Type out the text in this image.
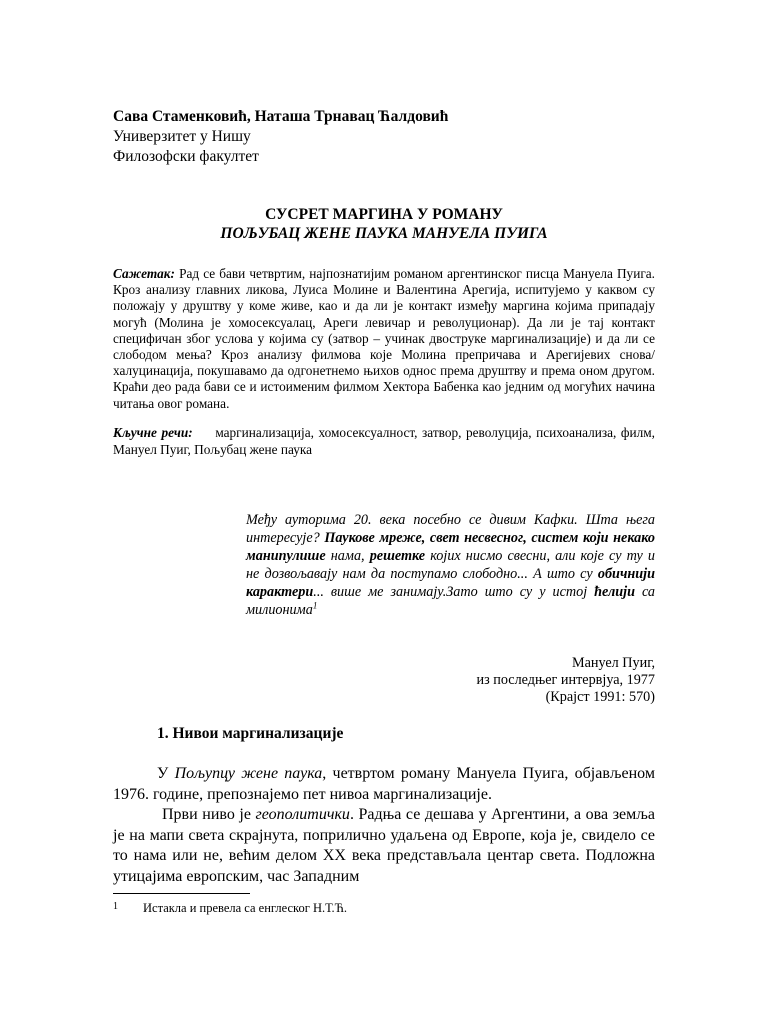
Сава Стаменковић, Наташа Трнавац Ћалдовић
Универзитет у Нишу
Филозофски факултет
СУСРЕТ МАРГИНА У РОМАНУ
ПОЉУБАЦ ЖЕНЕ ПАУКА МАНУЕЛА ПУИГА
Сажетак: Рад се бави четвртим, најпознатијим романом аргентинског писца Мануела Пуига. Кроз анализу главних ликова, Луиса Молине и Валентина Арегија, испитујемо у каквом су положају у друштву у коме живе, као и да ли је контакт између маргина којима припадају могућ (Молина је хомосексуалац, Ареги левичар и револуционар). Да ли је тај контакт специфичан због услова у којима су (затвор – учинак двоструке маргинализације) и да ли се слободом мења? Кроз анализу филмова које Молина препричава и Арегијевих снова/халуцинација, покушавамо да одгонетнемо њихов однос према друштву и према оном другом. Краћи део рада бави се и истоименим филмом Хектора Бабенка као једним од могућих начина читања овог романа.
Кључне речи: маргинализација, хомосексуалност, затвор, револуција, психоанализа, филм, Мануел Пуиг, Пољубац жене паука
Међу ауторима 20. века посебно се дивим Кафки. Шта њега интересује? Паукове мреже, свет несвесног, систем који некако манипулише нама, решетке којих нисмо свесни, али које су ту и не дозвољавају нам да поступамо слободно... А што су обичнији карактери... више ме занимају.Зато што су у истој ћелији са милионима$^1$
Мануел Пуиг,
из последњег интервјуа, 1977
(Крајст 1991: 570)
1. Нивои маргинализације

У Пољупцу жене паука, четвртом роману Мануела Пуига, објављеном 1976. године, препознајемо пет нивоа маргинализације.

Први ниво је геополитички. Радња се дешава у Аргентини, а ова земља је на мапи света скрајнута, поприлично удаљена од Европе, која је, свидело се то нама или не, већим делом XX века представљала центар света. Подложна утицајима европским, час Западним

1 Истакла и превела са енглеског Н.Т.Ћ.
